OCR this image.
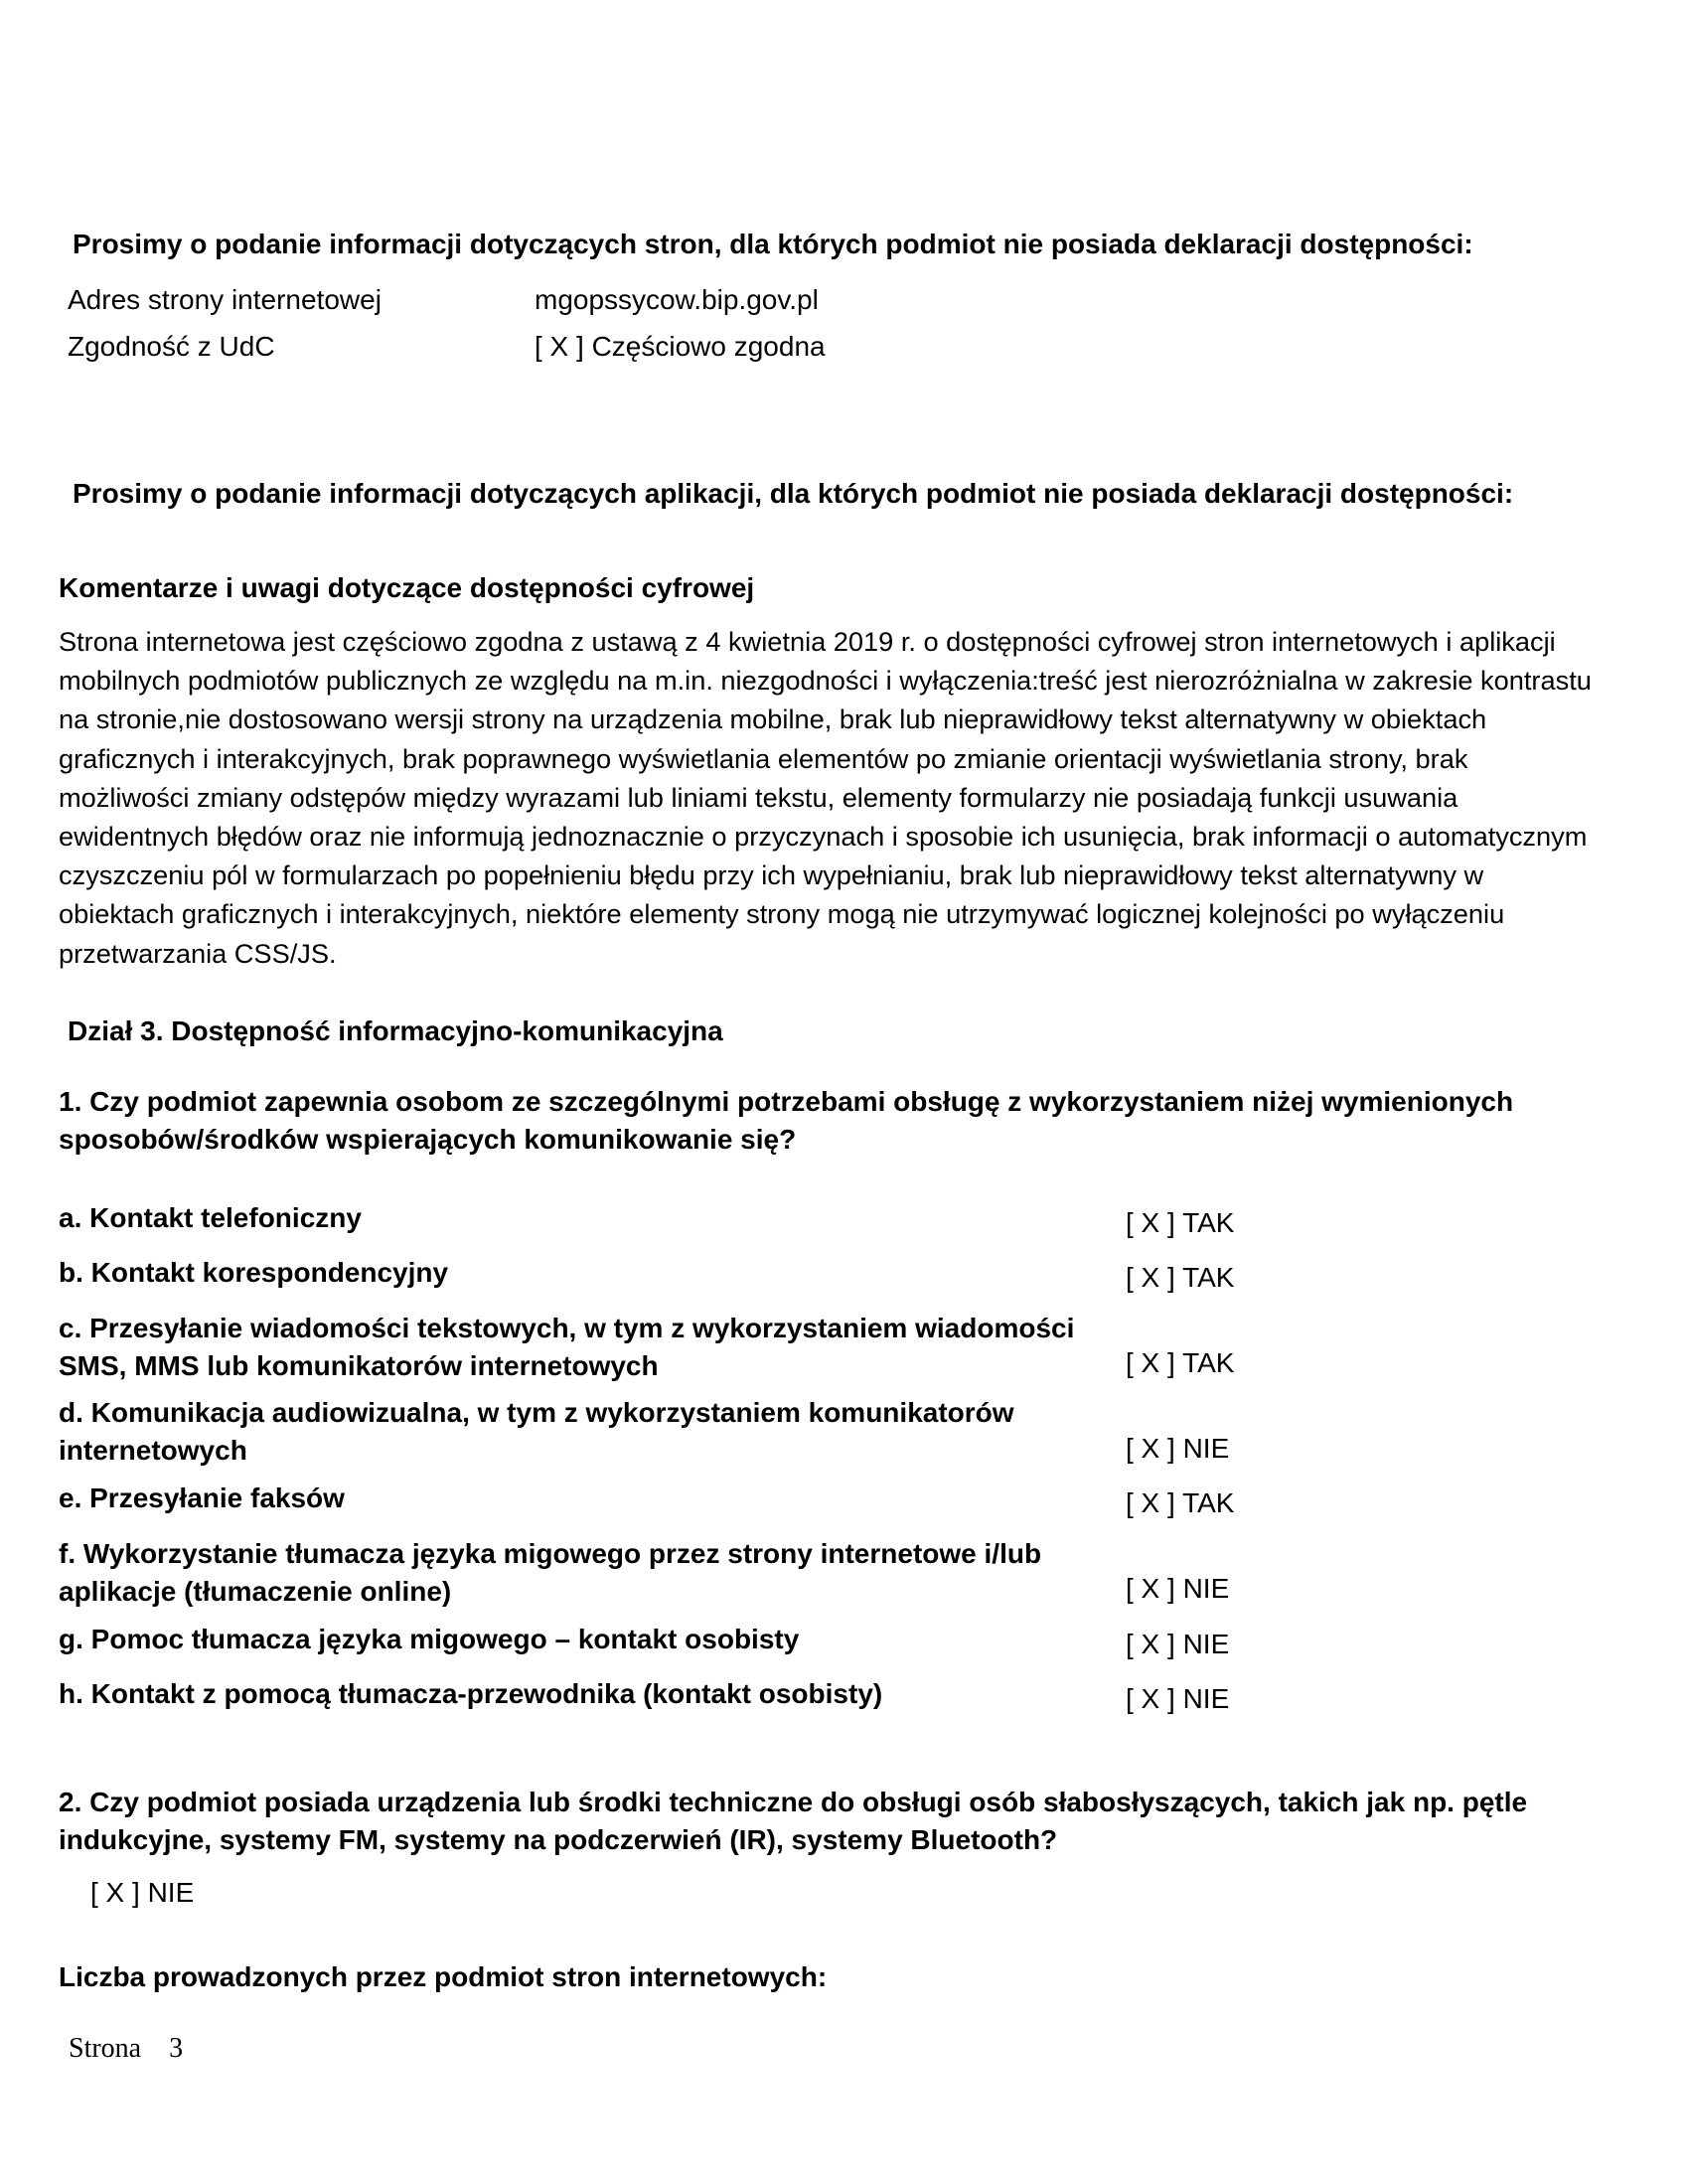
Prosimy o podanie informacji dotyczących stron, dla których podmiot nie posiada deklaracji dostępności:
Adres strony internetowej	mgopssycow.bip.gov.pl
Zgodność z UdC	[ X ] Częściowo zgodna
Prosimy o podanie informacji dotyczących aplikacji, dla których podmiot nie posiada deklaracji dostępności:
Komentarze i uwagi dotyczące dostępności cyfrowej
Strona internetowa jest częściowo zgodna z ustawą z 4 kwietnia 2019 r. o dostępności cyfrowej stron internetowych i aplikacji
mobilnych podmiotów publicznych ze względu na m.in. niezgodności i wyłączenia:treść jest nierozróżnialna w zakresie kontrastu
na stronie,nie dostosowano wersji strony na urządzenia mobilne, brak lub nieprawidłowy tekst alternatywny w obiektach
graficznych i interakcyjnych, brak poprawnego wyświetlania elementów po zmianie orientacji wyświetlania strony, brak
możliwości zmiany odstępów między wyrazami lub liniami tekstu, elementy formularzy nie posiadają funkcji usuwania
ewidentnych błędów oraz nie informują jednoznacznie o przyczynach i sposobie ich usunięcia, brak informacji o automatycznym
czyszczeniu pól w formularzach po popełnieniu błędu przy ich wypełnianiu, brak lub nieprawidłowy tekst alternatywny w
obiektach graficznych i interakcyjnych, niektóre elementy strony mogą nie utrzymywać logicznej kolejności po wyłączeniu
przetwarzania CSS/JS.
Dział 3. Dostępność informacyjno-komunikacyjna
1. Czy podmiot zapewnia osobom ze szczególnymi potrzebami obsługę z wykorzystaniem niżej wymienionych
sposobów/środków wspierających komunikowanie się?
a. Kontakt telefoniczny	[ X ] TAK
b. Kontakt korespondencyjny	[ X ] TAK
c. Przesyłanie wiadomości tekstowych, w tym z wykorzystaniem wiadomości
SMS, MMS lub komunikatorów internetowych	[ X ] TAK
d. Komunikacja audiowizualna, w tym z wykorzystaniem komunikatorów
internetowych	[ X ] NIE
e. Przesyłanie faksów	[ X ] TAK
f. Wykorzystanie tłumacza języka migowego przez strony internetowe i/lub
aplikacje (tłumaczenie online)	[ X ] NIE
g. Pomoc tłumacza języka migowego – kontakt osobisty	[ X ] NIE
h. Kontakt z pomocą tłumacza-przewodnika (kontakt osobisty)	[ X ] NIE
2. Czy podmiot posiada urządzenia lub środki techniczne do obsługi osób słabosłyszących, takich jak np. pętle
indukcyjne, systemy FM, systemy na podczerwień (IR), systemy Bluetooth?
[ X ] NIE
Liczba prowadzonych przez podmiot stron internetowych:
Strona 3
